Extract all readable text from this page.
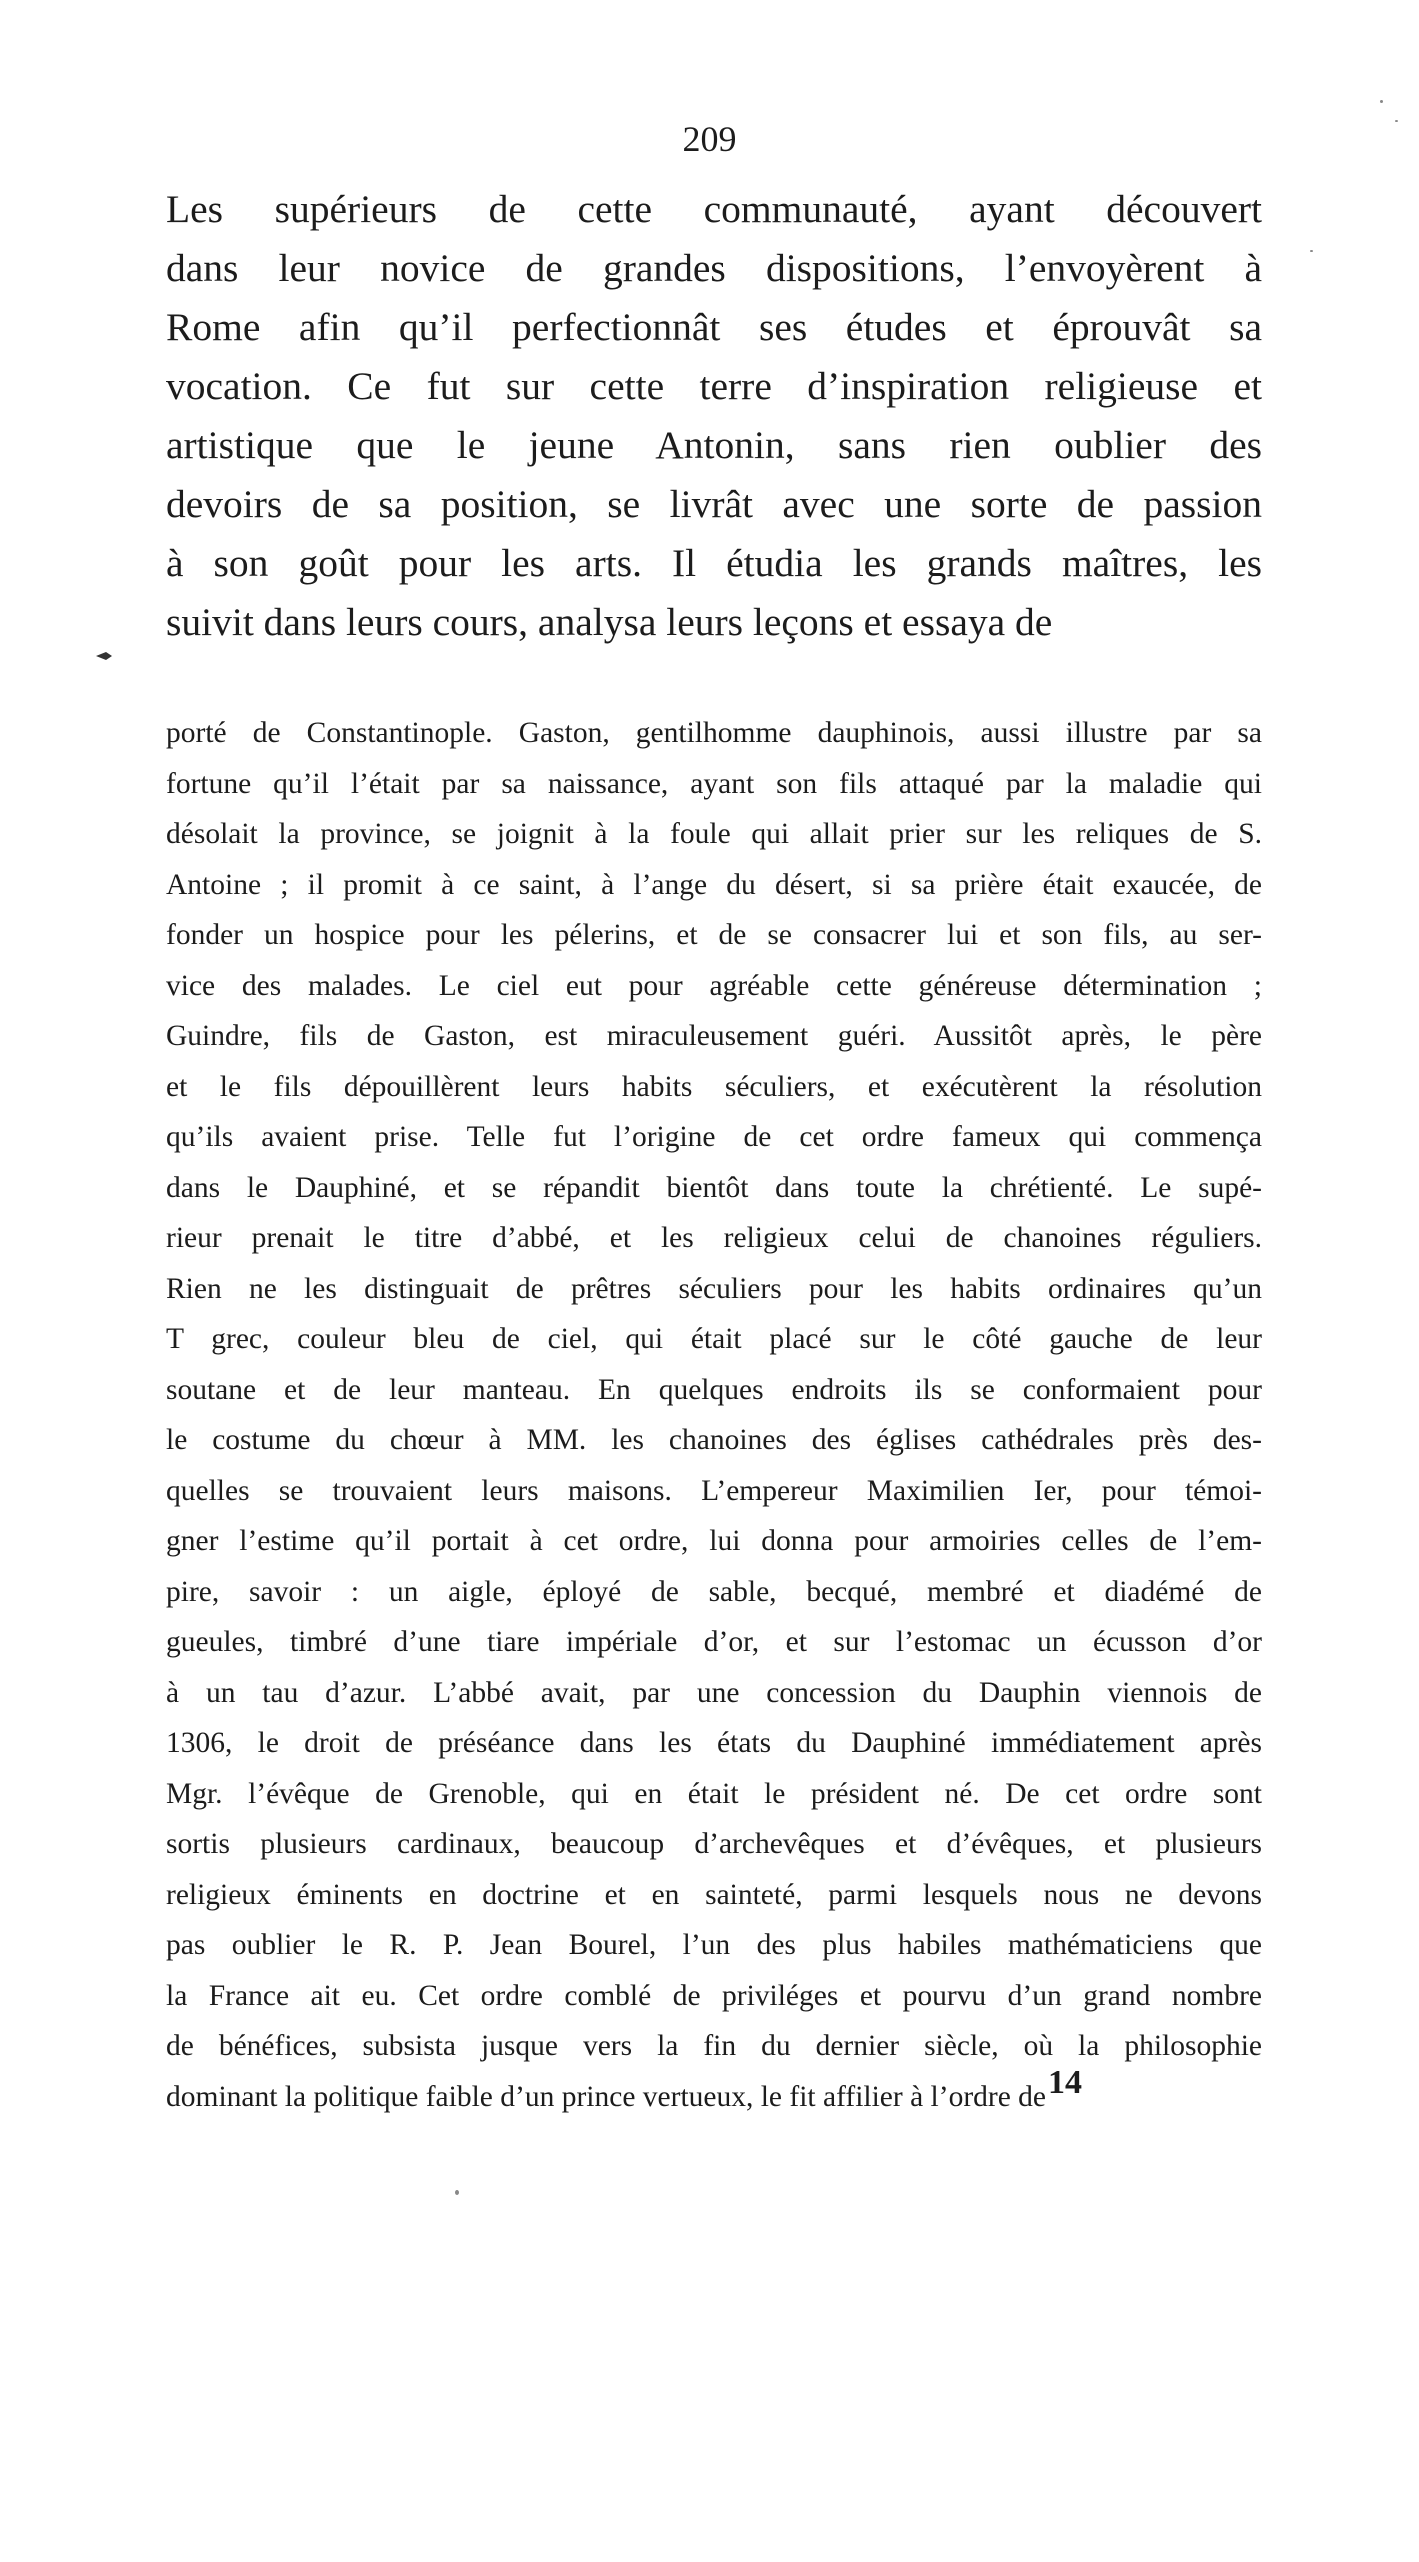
209
Les supérieurs de cette communauté, ayant découvert
dans leur novice de grandes dispositions, l’envoyèrent à
Rome afin qu’il perfectionnât ses études et éprouvât sa
vocation. Ce fut sur cette terre d’inspiration religieuse et
artistique que le jeune Antonin, sans rien oublier des
devoirs de sa position, se livrât avec une sorte de passion
à son goût pour les arts. Il étudia les grands maîtres, les
suivit dans leurs cours, analysa leurs leçons et essaya de
porté de Constantinople. Gaston, gentilhomme dauphinois, aussi illustre par sa
fortune qu’il l’était par sa naissance, ayant son fils attaqué par la maladie qui
désolait la province, se joignit à la foule qui allait prier sur les reliques de S.
Antoine ; il promit à ce saint, à l’ange du désert, si sa prière était exaucée, de
fonder un hospice pour les pélerins, et de se consacrer lui et son fils, au ser-
vice des malades. Le ciel eut pour agréable cette généreuse détermination ;
Guindre, fils de Gaston, est miraculeusement guéri. Aussitôt après, le père
et le fils dépouillèrent leurs habits séculiers, et exécutèrent la résolution
qu’ils avaient prise. Telle fut l’origine de cet ordre fameux qui commença
dans le Dauphiné, et se répandit bientôt dans toute la chrétienté. Le supé-
rieur prenait le titre d’abbé, et les religieux celui de chanoines réguliers.
Rien ne les distinguait de prêtres séculiers pour les habits ordinaires qu’un
T grec, couleur bleu de ciel, qui était placé sur le côté gauche de leur
soutane et de leur manteau. En quelques endroits ils se conformaient pour
le costume du chœur à MM. les chanoines des églises cathédrales près des-
quelles se trouvaient leurs maisons. L’empereur Maximilien Ier, pour témoi-
gner l’estime qu’il portait à cet ordre, lui donna pour armoiries celles de l’em-
pire, savoir : un aigle, éployé de sable, becqué, membré et diadémé de
gueules, timbré d’une tiare impériale d’or, et sur l’estomac un écusson d’or
à un tau d’azur. L’abbé avait, par une concession du Dauphin viennois de
1306, le droit de préséance dans les états du Dauphiné immédiatement après
Mgr. l’évêque de Grenoble, qui en était le président né. De cet ordre sont
sortis plusieurs cardinaux, beaucoup d’archevêques et d’évêques, et plusieurs
religieux éminents en doctrine et en sainteté, parmi lesquels nous ne devons
pas oublier le R. P. Jean Bourel, l’un des plus habiles mathématiciens que
la France ait eu. Cet ordre comblé de priviléges et pourvu d’un grand nombre
de bénéfices, subsista jusque vers la fin du dernier siècle, où la philosophie
dominant la politique faible d’un prince vertueux, le fit affilier à l’ordre de 14
